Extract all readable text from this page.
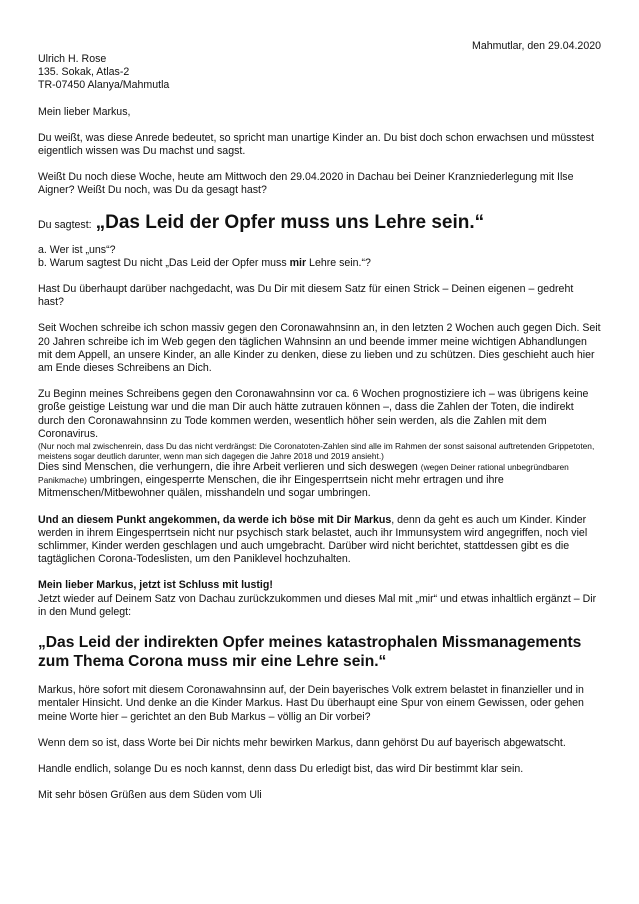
Mahmutlar, den 29.04.2020
Ulrich H. Rose
135. Sokak, Atlas-2
TR-07450 Alanya/Mahmutla

Mein lieber Markus,

Du weißt, was diese Anrede bedeutet, so spricht man unartige Kinder an. Du bist doch schon erwachsen und müsstest eigentlich wissen was Du machst und sagst.

Weißt Du noch diese Woche, heute am Mittwoch den 29.04.2020 in Dachau bei Deiner Kranzniederlegung mit Ilse Aigner? Weißt Du noch, was Du da gesagt hast?

Du sagtest: „Das Leid der Opfer muss uns Lehre sein.“

a. Wer ist „uns“?

b. Warum sagtest Du nicht „Das Leid der Opfer muss mir Lehre sein.“?

Hast Du überhaupt darüber nachgedacht, was Du Dir mit diesem Satz für einen Strick – Deinen eigenen – gedreht hast?

Seit Wochen schreibe ich schon massiv gegen den Coronawahnsinn an, in den letzten 2 Wochen auch gegen Dich. Seit 20 Jahren schreibe ich im Web gegen den täglichen Wahnsinn an und beende immer meine wichtigen Abhandlungen mit dem Appell, an unsere Kinder, an alle Kinder zu denken, diese zu lieben und zu schützen. Dies geschieht auch hier am Ende dieses Schreibens an Dich.

Zu Beginn meines Schreibens gegen den Coronawahnsinn vor ca. 6 Wochen prognostiziere ich – was übrigens keine große geistige Leistung war und die man Dir auch hätte zutrauen können –, dass die Zahlen der Toten, die indirekt durch den Coronawahnsinn zu Tode kommen werden, wesentlich höher sein werden, als die Zahlen mit dem Coronavirus.

(Nur noch mal zwischenrein, dass Du das nicht verdrängst: Die Coronatoten-Zahlen sind alle im Rahmen der sonst saisonal auftretenden Grippetoten, meistens sogar deutlich darunter, wenn man sich dagegen die Jahre 2018 und 2019 ansieht.)

Dies sind Menschen, die verhungern, die ihre Arbeit verlieren und sich deswegen (wegen Deiner rational unbegründbaren Panikmache) umbringen, eingesperrte Menschen, die ihr Eingesperrtsein nicht mehr ertragen und ihre Mitmenschen/Mitbewohner quälen, misshandeln und sogar umbringen.

Und an diesem Punkt angekommen, da werde ich böse mit Dir Markus, denn da geht es auch um Kinder. Kinder werden in ihrem Eingesperrtsein nicht nur psychisch stark belastet, auch ihr Immunsystem wird angegriffen, noch viel schlimmer, Kinder werden geschlagen und auch umgebracht. Darüber wird nicht berichtet, stattdessen gibt es die tagtäglichen Corona-Todeslisten, um den Paniklevel hochzuhalten.

Mein lieber Markus, jetzt ist Schluss mit lustig!

Jetzt wieder auf Deinem Satz von Dachau zurückzukommen und dieses Mal mit „mir“ und etwas inhaltlich ergänzt – Dir in den Mund gelegt:

„Das Leid der indirekten Opfer meines katastrophalen Missmanagements zum Thema Corona muss mir eine Lehre sein.“

Markus, höre sofort mit diesem Coronawahnsinn auf, der Dein bayerisches Volk extrem belastet in finanzieller und in mentaler Hinsicht. Und denke an die Kinder Markus. Hast Du überhaupt eine Spur von einem Gewissen, oder gehen meine Worte hier – gerichtet an den Bub Markus – völlig an Dir vorbei?

Wenn dem so ist, dass Worte bei Dir nichts mehr bewirken Markus, dann gehörst Du auf bayerisch abgewatscht.

Handle endlich, solange Du es noch kannst, denn dass Du erledigt bist, das wird Dir bestimmt klar sein.

Mit sehr bösen Grüßen aus dem Süden vom Uli
